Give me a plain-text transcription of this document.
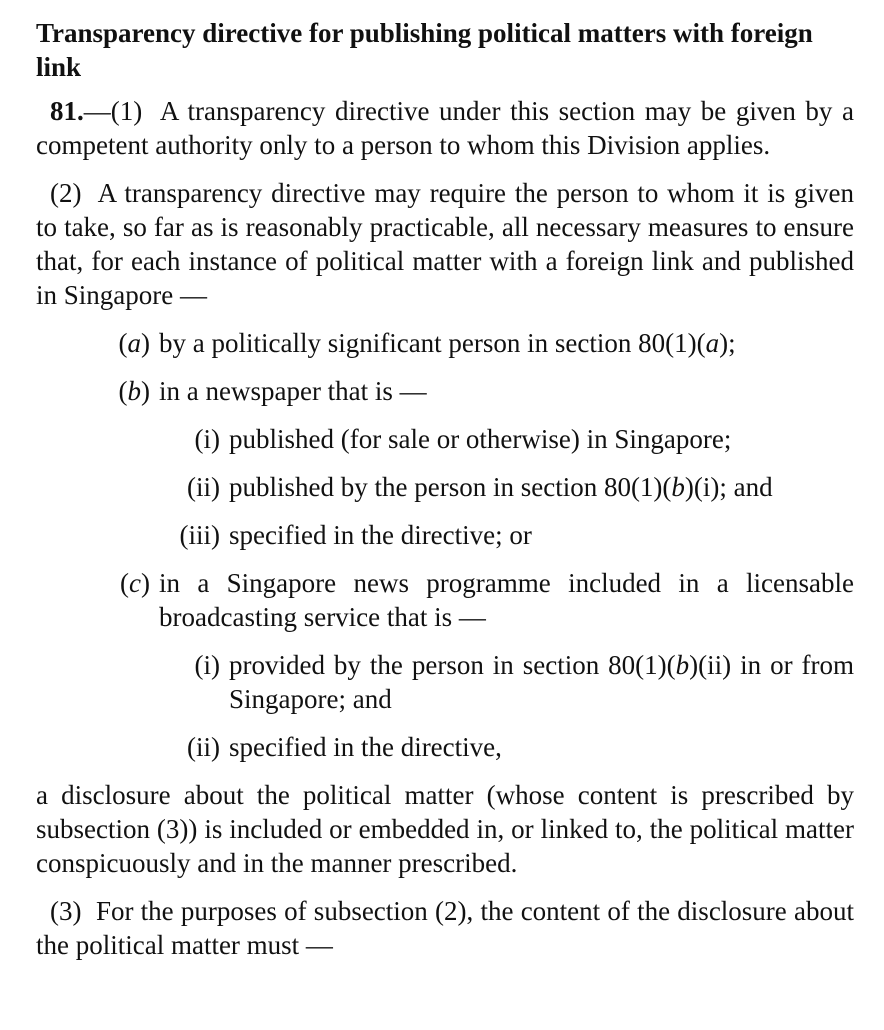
Transparency directive for publishing political matters with foreign link

81.—(1) A transparency directive under this section may be given by a competent authority only to a person to whom this Division applies.

(2) A transparency directive may require the person to whom it is given to take, so far as is reasonably practicable, all necessary measures to ensure that, for each instance of political matter with a foreign link and published in Singapore —

(a) by a politically significant person in section 80(1)(a);
(b) in a newspaper that is —
(i) published (for sale or otherwise) in Singapore;
(ii) published by the person in section 80(1)(b)(i); and
(iii) specified in the directive; or
(c) in a Singapore news programme included in a licensable broadcasting service that is —
(i) provided by the person in section 80(1)(b)(ii) in or from Singapore; and
(ii) specified in the directive,

a disclosure about the political matter (whose content is prescribed by subsection (3)) is included or embedded in, or linked to, the political matter conspicuously and in the manner prescribed.

(3) For the purposes of subsection (2), the content of the disclosure about the political matter must —
